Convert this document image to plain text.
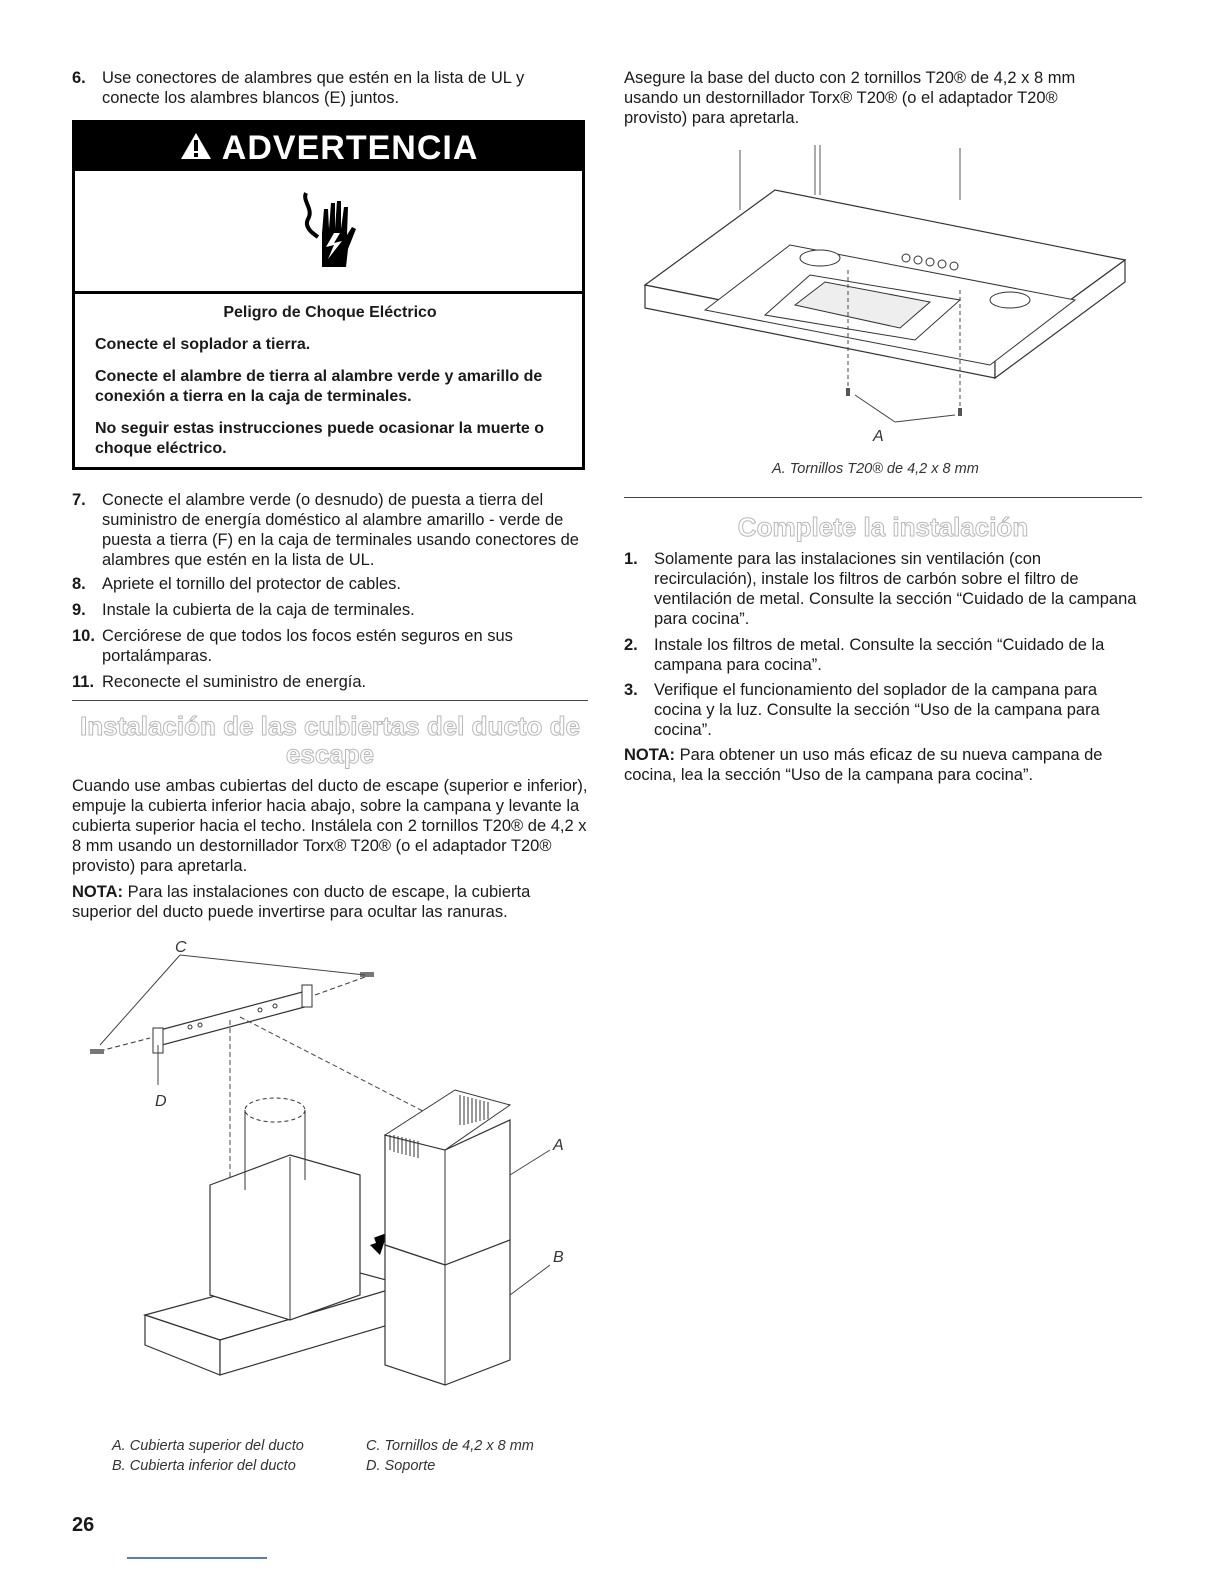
6. Use conectores de alambres que estén en la lista de UL y conecte los alambres blancos (E) juntos.
ADVERTENCIA

Peligro de Choque Eléctrico

Conecte el soplador a tierra.

Conecte el alambre de tierra al alambre verde y amarillo de conexión a tierra en la caja de terminales.

No seguir estas instrucciones puede ocasionar la muerte o choque eléctrico.

7. Conecte el alambre verde (o desnudo) de puesta a tierra del suministro de energía doméstico al alambre amarillo - verde de puesta a tierra (F) en la caja de terminales usando conectores de alambres que estén en la lista de UL.
8. Apriete el tornillo del protector de cables.
9. Instale la cubierta de la caja de terminales.
10. Cerciórese de que todos los focos estén seguros en sus portalámparas.
11. Reconecte el suministro de energía.
Instalación de las cubiertas del ducto de escape

Cuando use ambas cubiertas del ducto de escape (superior e inferior), empuje la cubierta inferior hacia abajo, sobre la campana y levante la cubierta superior hacia el techo. Instálela con 2 tornillos T20® de 4,2 x 8 mm usando un destornillador Torx® T20® (o el adaptador T20® provisto) para apretarla.

NOTA: Para las instalaciones con ducto de escape, la cubierta superior del ducto puede invertirse para ocultar las ranuras.

C
D
A
B
A. Cubierta superior del ducto
B. Cubierta inferior del ducto
C. Tornillos de 4,2 x 8 mm
D. Soporte

Asegure la base del ducto con 2 tornillos T20® de 4,2 x 8 mm usando un destornillador Torx® T20® (o el adaptador T20® provisto) para apretarla.

A
A. Tornillos T20® de 4,2 x 8 mm
Complete la instalación
1. Solamente para las instalaciones sin ventilación (con recirculación), instale los filtros de carbón sobre el filtro de ventilación de metal. Consulte la sección “Cuidado de la campana para cocina”.
2. Instale los filtros de metal. Consulte la sección “Cuidado de la campana para cocina”.
3. Verifique el funcionamiento del soplador de la campana para cocina y la luz. Consulte la sección “Uso de la campana para cocina”.

NOTA: Para obtener un uso más eficaz de su nueva campana de cocina, lea la sección “Uso de la campana para cocina”.

26
